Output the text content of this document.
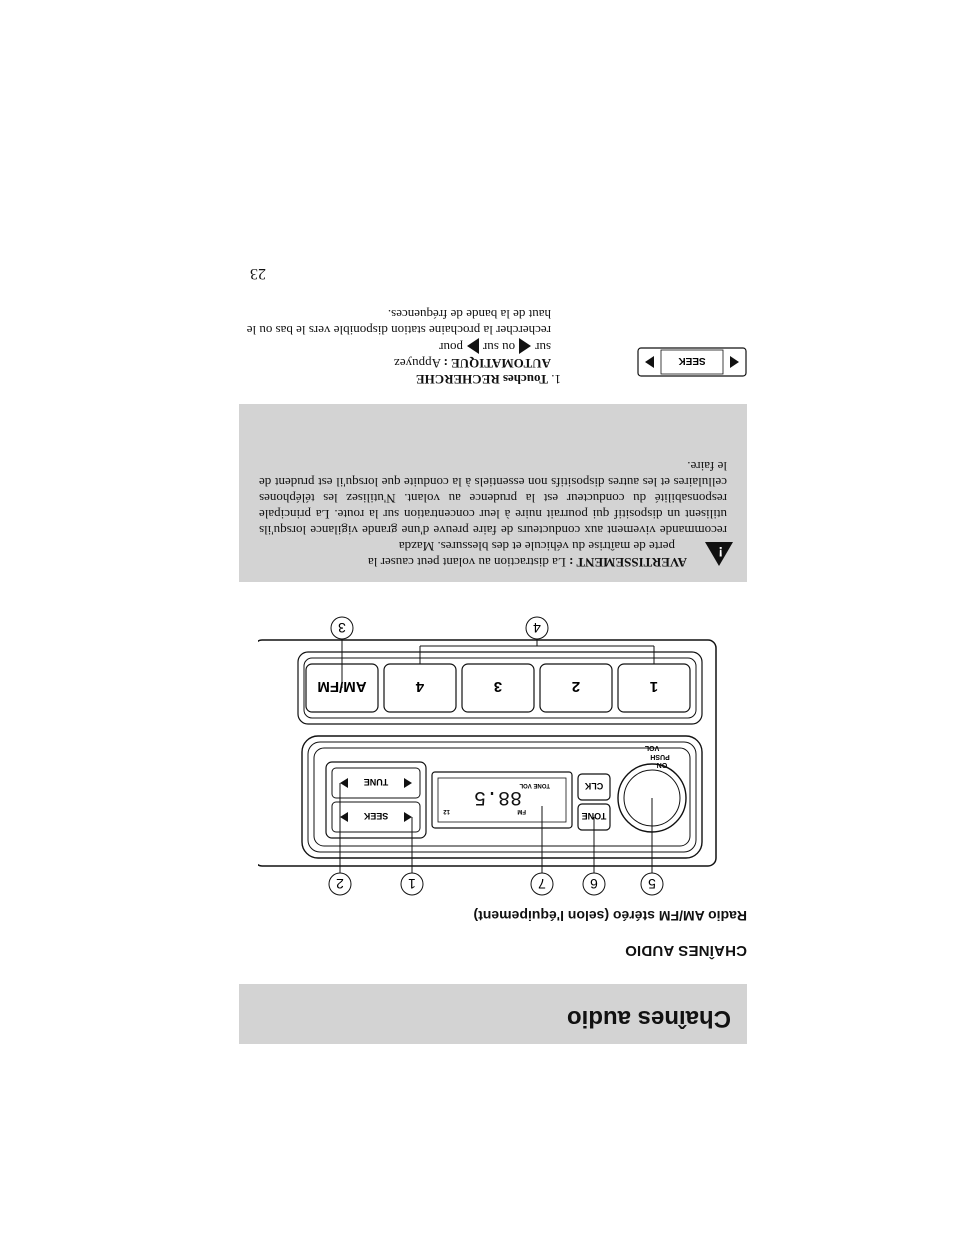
Chaînes audio
CHAÎNES AUDIO
Radio AM/FM stéréo (selon l'équipement)
VOL
PUSH
ON
TONE
CLK
88.5
FM
TONE VOL
12
SEEK
TUNE
1
2
3
4
AM/FM
5
6
7
1
2
3	4
!

AVERTISSEMENT : La distraction au volant peut causer la

perte de maîtrise du véhicule et des blessures. Mazda

recommande vivement aux conducteurs de faire preuve d'une grande vigilance lorsqu'ils utilisent un dispositif qui pourrait nuire à leur concentration sur la route. La principale responsabilité du conducteur est la prudence au volant. N'utilisez les téléphones cellulaires et les autres dispositifs non essentiels à la conduite que lorsqu'il est prudent de le faire.

SEEK
1. Touches RECHERCHE
AUTOMATIQUE : Appuyez
surou surpour
rechercher la prochaine station disponible vers le bas ou le haut de la bande de fréquences.
23
